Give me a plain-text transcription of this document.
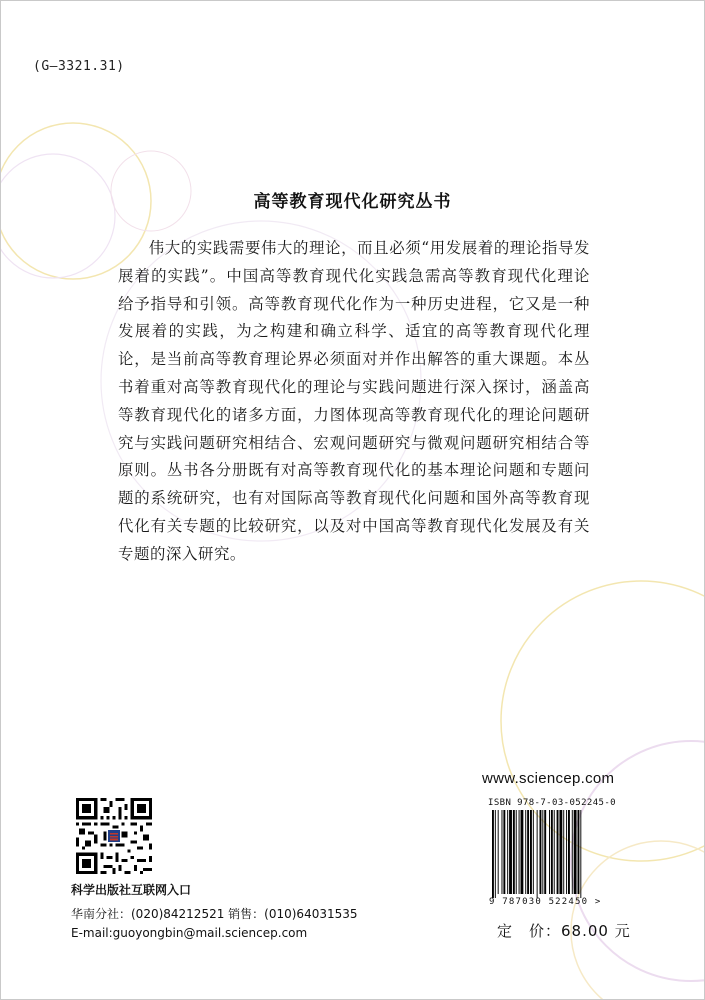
(G—3321.31)
高等教育现代化研究丛书

伟大的实践需要伟大的理论，而且必须“用发展着的理论指导发展着的实践”。中国高等教育现代化实践急需高等教育现代化理论给予指导和引领。高等教育现代化作为一种历史进程，它又是一种发展着的实践，为之构建和确立科学、适宜的高等教育现代化理论，是当前高等教育理论界必须面对并作出解答的重大课题。本丛书着重对高等教育现代化的理论与实践问题进行深入探讨，涵盖高等教育现代化的诸多方面，力图体现高等教育现代化的理论问题研究与实践问题研究相结合、宏观问题研究与微观问题研究相结合等原则。丛书各分册既有对高等教育现代化的基本理论问题和专题问题的系统研究，也有对国际高等教育现代化问题和国外高等教育现代化有关专题的比较研究，以及对中国高等教育现代化发展及有关专题的深入研究。

科学出版社互联网入口
华南分社：(020)84212521 销售：(010)64031535
E-mail:guoyongbin@mail.sciencep.com
www.sciencep.com
ISBN 978-7-03-052245-0
9 787030 522450 >
定　价：68.00 元
